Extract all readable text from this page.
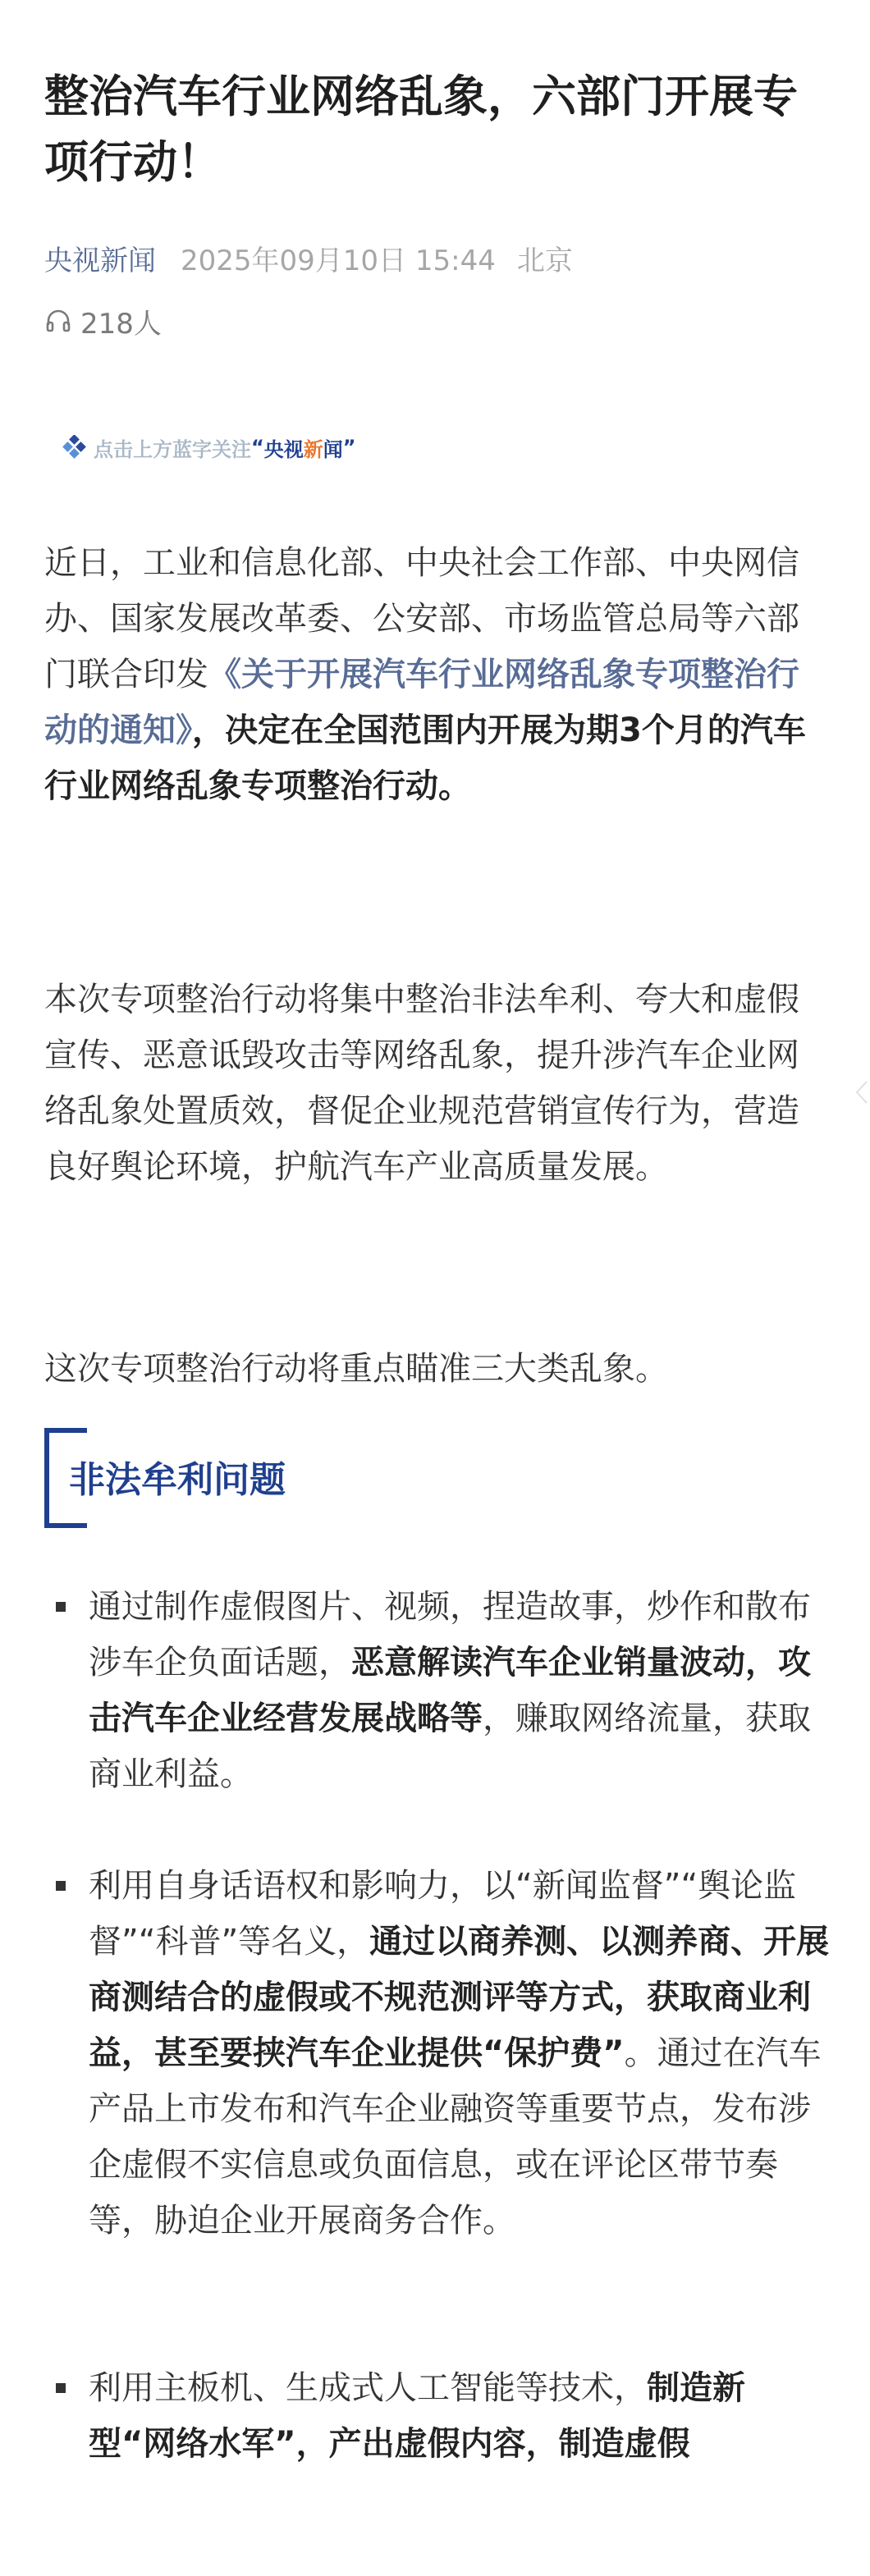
整治汽车行业网络乱象，六部门开展专项行动！
央视新闻 2025年09月10日 15:44 北京
218人
点击上方蓝字关注 “ 央视 新 闻 ”

近日，工业和信息化部、中央社会工作部、中央网信办、国家发展改革委、公安部、市场监管总局等六部门联合印发《关于开展汽车行业网络乱象专项整治行动的通知》，决定在全国范围内开展为期3个月的汽车行业网络乱象专项整治行动。

本次专项整治行动将集中整治非法牟利、夸大和虚假宣传、恶意诋毁攻击等网络乱象，提升涉汽车企业网络乱象处置质效，督促企业规范营销宣传行为，营造良好舆论环境，护航汽车产业高质量发展。

这次专项整治行动将重点瞄准三大类乱象。

非法牟利问题
通过制作虚假图片、视频，捏造故事，炒作和散布涉车企负面话题，恶意解读汽车企业销量波动，攻击汽车企业经营发展战略等，赚取网络流量，获取商业利益。
利用自身话语权和影响力，以“新闻监督”“舆论监督”“科普”等名义，通过以商养测、以测养商、开展商测结合的虚假或不规范测评等方式，获取商业利益，甚至要挟汽车企业提供“保护费”。通过在汽车产品上市发布和汽车企业融资等重要节点，发布涉企虚假不实信息或负面信息，或在评论区带节奏等，胁迫企业开展商务合作。
利用主板机、生成式人工智能等技术，制造新型“网络水军”，产出虚假内容，制造虚假
